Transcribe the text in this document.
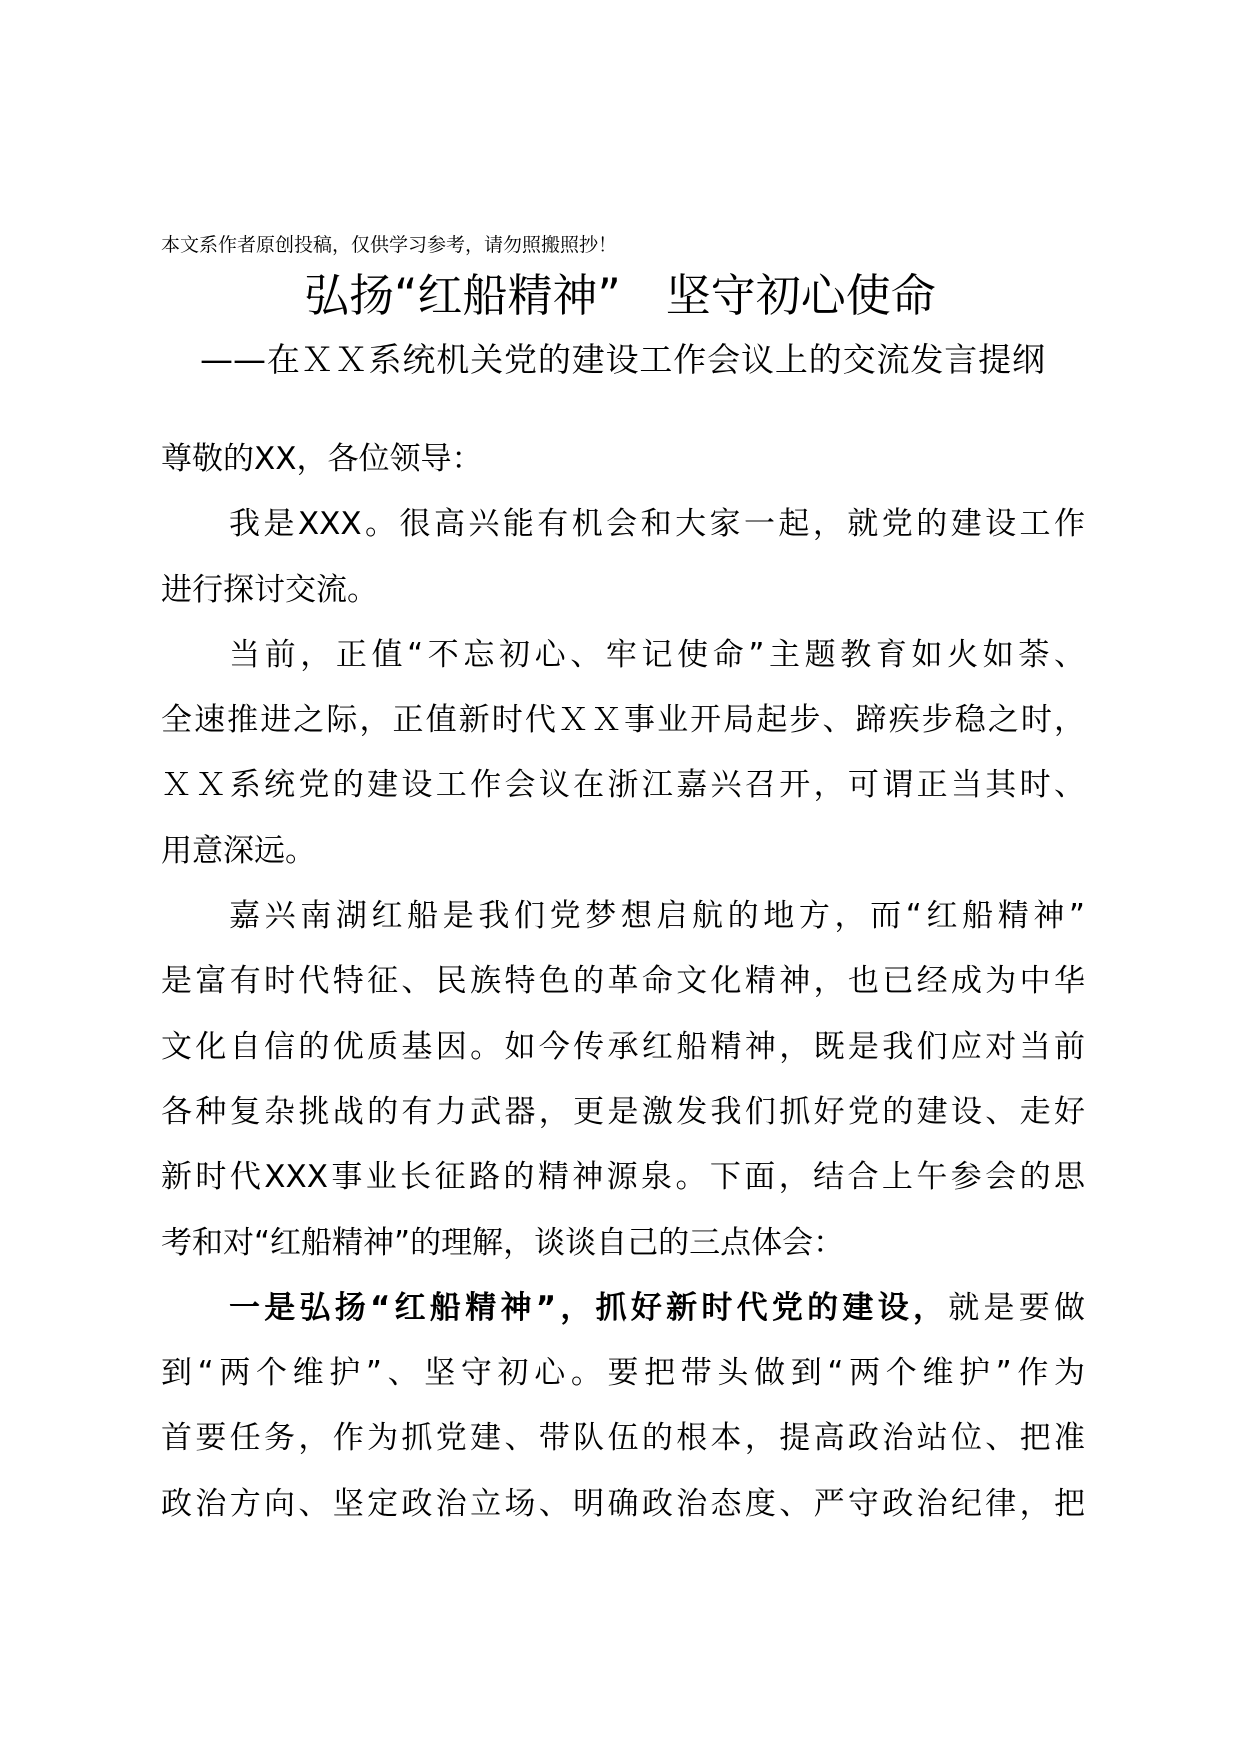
本文系作者原创投稿，仅供学习参考，请勿照搬照抄！
弘扬“红船精神”　坚守初心使命
——在ＸＸ系统机关党的建设工作会议上的交流发言提纲
尊敬的XX，各位领导：
我是XXX。很高兴能有机会和大家一起，就党的建设工作
进行探讨交流。
当前，正值“不忘初心、牢记使命”主题教育如火如荼、
全速推进之际，正值新时代ＸＸ事业开局起步、蹄疾步稳之时，
ＸＸ系统党的建设工作会议在浙江嘉兴召开，可谓正当其时、
用意深远。
嘉兴南湖红船是我们党梦想启航的地方，而“红船精神”
是富有时代特征、民族特色的革命文化精神，也已经成为中华
文化自信的优质基因。如今传承红船精神，既是我们应对当前
各种复杂挑战的有力武器，更是激发我们抓好党的建设、走好
新时代XXX事业长征路的精神源泉。下面，结合上午参会的思
考和对“红船精神”的理解，谈谈自己的三点体会：
一是弘扬“红船精神”，抓好新时代党的建设，就是要做
到“两个维护”、坚守初心。要把带头做到“两个维护”作为
首要任务，作为抓党建、带队伍的根本，提高政治站位、把准
政治方向、坚定政治立场、明确政治态度、严守政治纪律，把
